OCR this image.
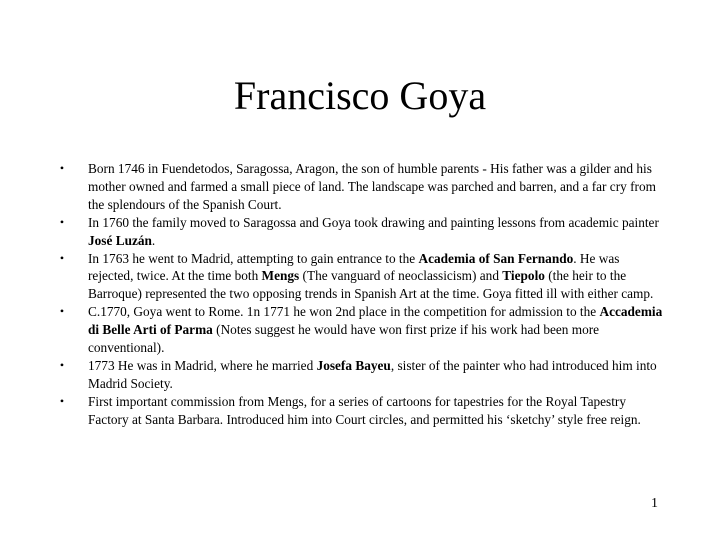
Francisco Goya
• Born 1746 in Fuendetodos, Saragossa, Aragon, the son of humble parents - His father was a gilder and his mother owned and farmed a small piece of land. The landscape was parched and barren, and a far cry from the splendours of the Spanish Court.
• In 1760 the family moved to Saragossa and Goya took drawing and painting lessons from academic painter José Luzán.
• In 1763 he went to Madrid, attempting to gain entrance to the Academia of San Fernando. He was rejected, twice. At the time both Mengs (The vanguard of neoclassicism) and Tiepolo (the heir to the Barroque) represented the two opposing trends in Spanish Art at the time. Goya fitted ill with either camp.
• C.1770, Goya went to Rome. 1n 1771 he won 2nd place in the competition for admission to the Accademia di Belle Arti of Parma (Notes suggest he would have won first prize if his work had been more conventional).
• 1773 He was in Madrid, where he married Josefa Bayeu, sister of the painter who had introduced him into Madrid Society.
• First important commission from Mengs, for a series of cartoons for tapestries for the Royal Tapestry Factory at Santa Barbara. Introduced him into Court circles, and permitted his ‘sketchy’ style free reign.
1
